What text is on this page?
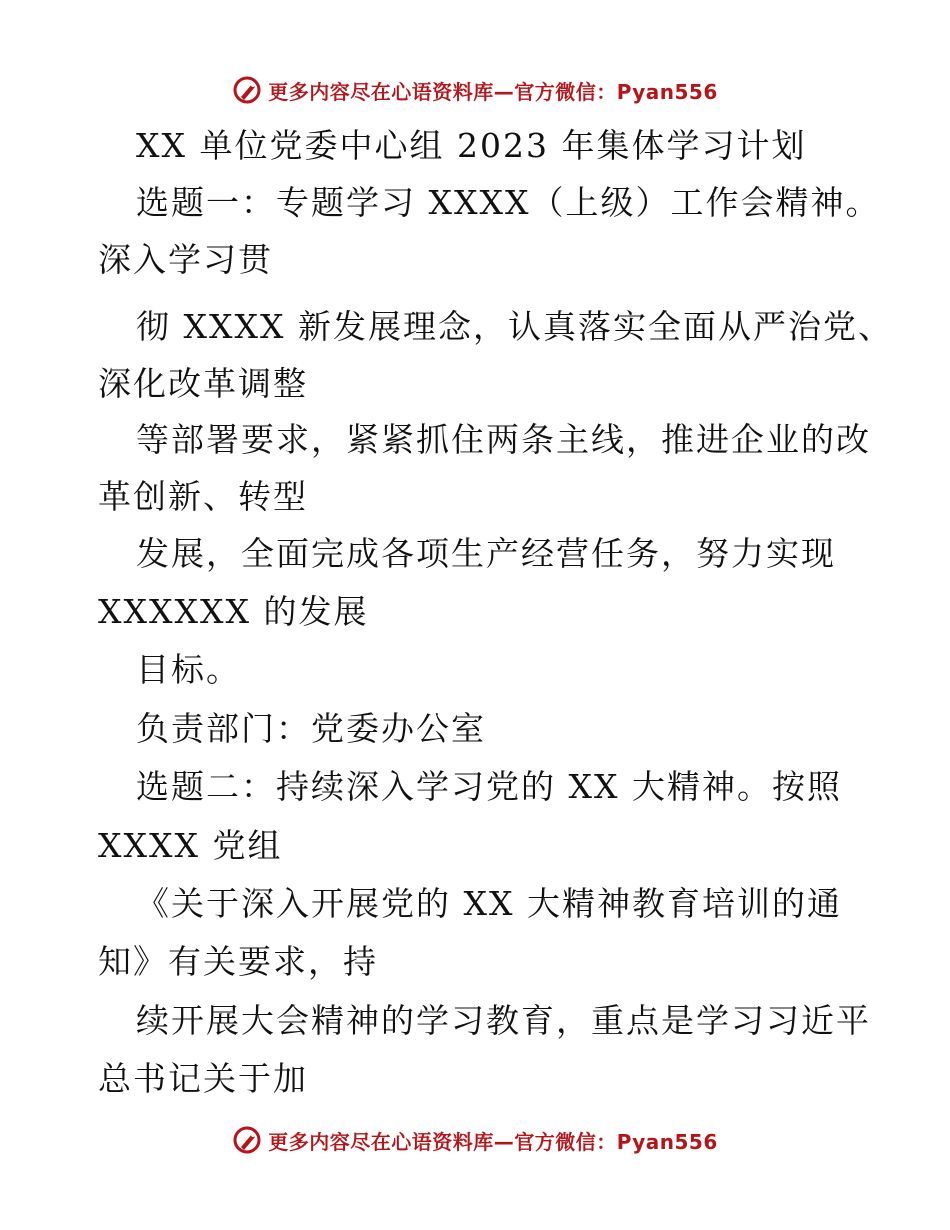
更多内容尽在心语资料库—官方微信：Pyan556
XX 单位党委中心组 2023 年集体学习计划
选题一：专题学习 XXXX（上级）工作会精神。
深入学习贯
彻 XXXX 新发展理念，认真落实全面从严治党、
深化改革调整
等部署要求，紧紧抓住两条主线，推进企业的改
革创新、转型
发展，全面完成各项生产经营任务，努力实现
XXXXXX 的发展
目标。
负责部门：党委办公室
选题二：持续深入学习党的 XX 大精神。按照
XXXX 党组
《关于深入开展党的 XX 大精神教育培训的通
知》有关要求，持
续开展大会精神的学习教育，重点是学习习近平
总书记关于加
更多内容尽在心语资料库—官方微信：Pyan556
